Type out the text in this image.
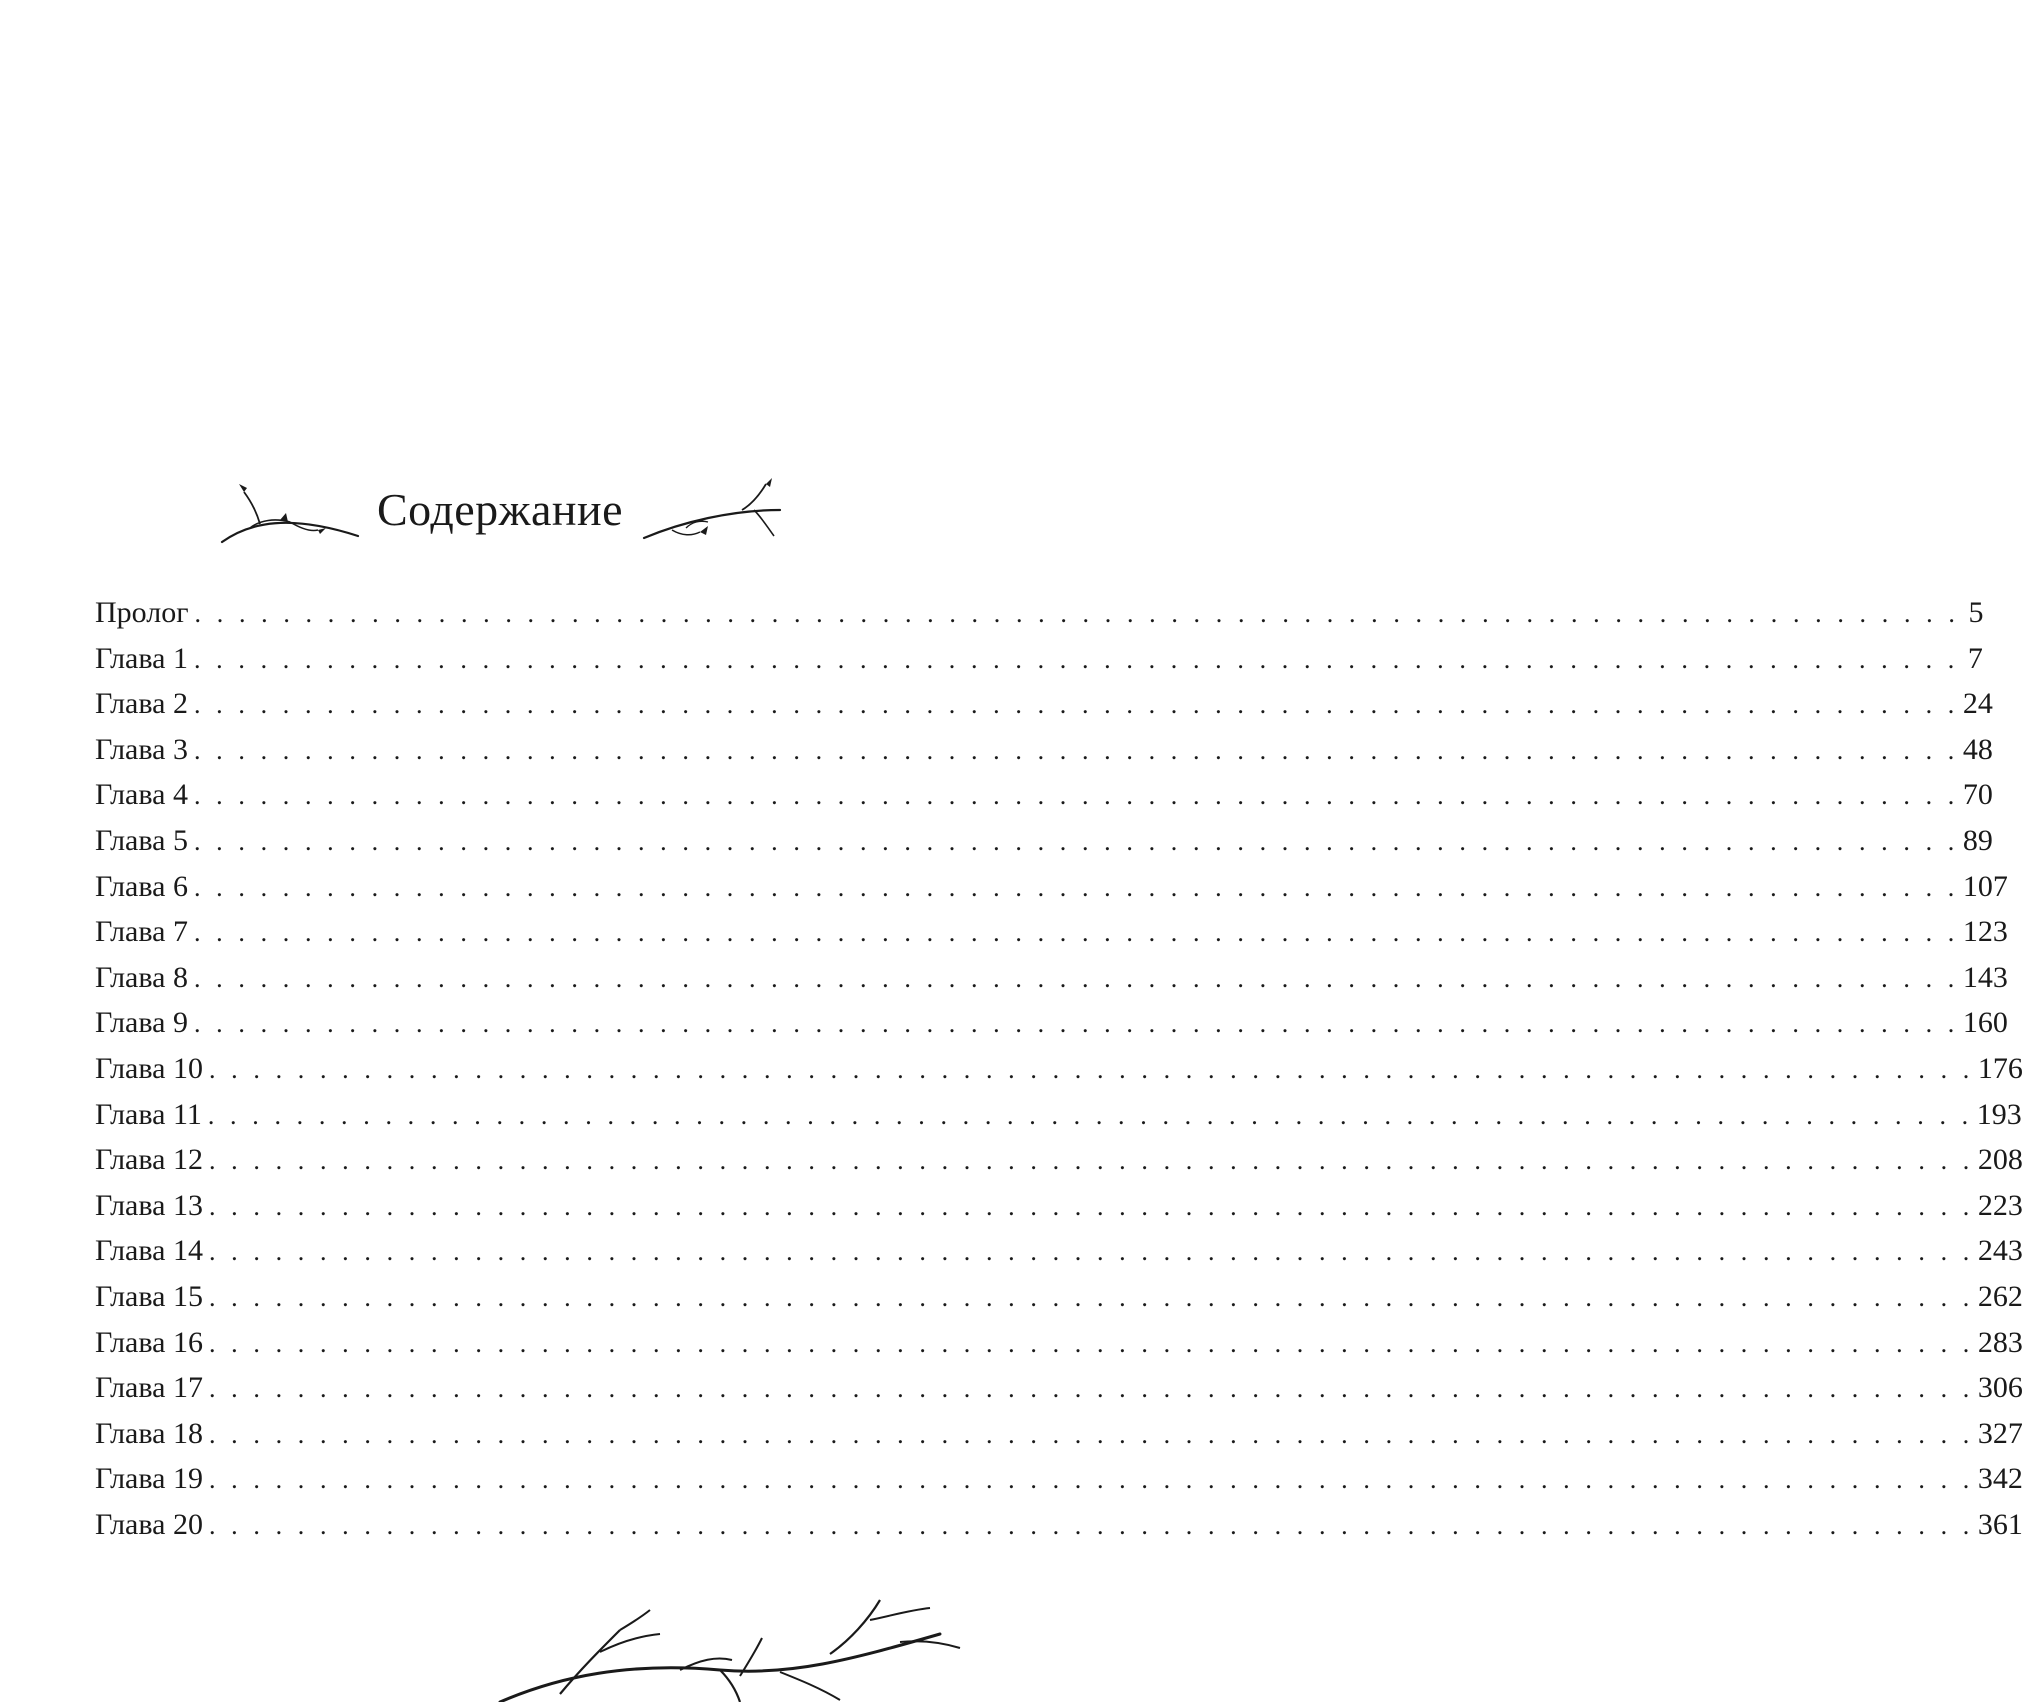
Содержание
Пролог . . . . . . . . . . . . . . . . . . . . . . . . . . . . . . . . . . . . . . . . . . . . . . . . . . . . . . . . . . . . . . . . . . . . . . . . . . . . . . . . 5
Глава 1 . . . . . . . . . . . . . . . . . . . . . . . . . . . . . . . . . . . . . . . . . . . . . . . . . . . . . . . . . . . . . . . . . . . . . . . . . . . . . . . . 7
Глава 2 . . . . . . . . . . . . . . . . . . . . . . . . . . . . . . . . . . . . . . . . . . . . . . . . . . . . . . . . . . . . . . . . . . . . . . . . . . . . . . . . 24
Глава 3 . . . . . . . . . . . . . . . . . . . . . . . . . . . . . . . . . . . . . . . . . . . . . . . . . . . . . . . . . . . . . . . . . . . . . . . . . . . . . . . . 48
Глава 4 . . . . . . . . . . . . . . . . . . . . . . . . . . . . . . . . . . . . . . . . . . . . . . . . . . . . . . . . . . . . . . . . . . . . . . . . . . . . . . . . 70
Глава 5 . . . . . . . . . . . . . . . . . . . . . . . . . . . . . . . . . . . . . . . . . . . . . . . . . . . . . . . . . . . . . . . . . . . . . . . . . . . . . . . . 89
Глава 6 . . . . . . . . . . . . . . . . . . . . . . . . . . . . . . . . . . . . . . . . . . . . . . . . . . . . . . . . . . . . . . . . . . . . . . . . . . . . . . . . 107
Глава 7 . . . . . . . . . . . . . . . . . . . . . . . . . . . . . . . . . . . . . . . . . . . . . . . . . . . . . . . . . . . . . . . . . . . . . . . . . . . . . . . . 123
Глава 8 . . . . . . . . . . . . . . . . . . . . . . . . . . . . . . . . . . . . . . . . . . . . . . . . . . . . . . . . . . . . . . . . . . . . . . . . . . . . . . . . 143
Глава 9 . . . . . . . . . . . . . . . . . . . . . . . . . . . . . . . . . . . . . . . . . . . . . . . . . . . . . . . . . . . . . . . . . . . . . . . . . . . . . . . . 160
Глава 10 . . . . . . . . . . . . . . . . . . . . . . . . . . . . . . . . . . . . . . . . . . . . . . . . . . . . . . . . . . . . . . . . . . . . . . . . . . . . . . . . 176
Глава 11 . . . . . . . . . . . . . . . . . . . . . . . . . . . . . . . . . . . . . . . . . . . . . . . . . . . . . . . . . . . . . . . . . . . . . . . . . . . . . . . . 193
Глава 12 . . . . . . . . . . . . . . . . . . . . . . . . . . . . . . . . . . . . . . . . . . . . . . . . . . . . . . . . . . . . . . . . . . . . . . . . . . . . . . . . 208
Глава 13 . . . . . . . . . . . . . . . . . . . . . . . . . . . . . . . . . . . . . . . . . . . . . . . . . . . . . . . . . . . . . . . . . . . . . . . . . . . . . . . . 223
Глава 14 . . . . . . . . . . . . . . . . . . . . . . . . . . . . . . . . . . . . . . . . . . . . . . . . . . . . . . . . . . . . . . . . . . . . . . . . . . . . . . . . 243
Глава 15 . . . . . . . . . . . . . . . . . . . . . . . . . . . . . . . . . . . . . . . . . . . . . . . . . . . . . . . . . . . . . . . . . . . . . . . . . . . . . . . . 262
Глава 16 . . . . . . . . . . . . . . . . . . . . . . . . . . . . . . . . . . . . . . . . . . . . . . . . . . . . . . . . . . . . . . . . . . . . . . . . . . . . . . . . 283
Глава 17 . . . . . . . . . . . . . . . . . . . . . . . . . . . . . . . . . . . . . . . . . . . . . . . . . . . . . . . . . . . . . . . . . . . . . . . . . . . . . . . . 306
Глава 18 . . . . . . . . . . . . . . . . . . . . . . . . . . . . . . . . . . . . . . . . . . . . . . . . . . . . . . . . . . . . . . . . . . . . . . . . . . . . . . . . 327
Глава 19 . . . . . . . . . . . . . . . . . . . . . . . . . . . . . . . . . . . . . . . . . . . . . . . . . . . . . . . . . . . . . . . . . . . . . . . . . . . . . . . . 342
Глава 20 . . . . . . . . . . . . . . . . . . . . . . . . . . . . . . . . . . . . . . . . . . . . . . . . . . . . . . . . . . . . . . . . . . . . . . . . . . . . . . . . 361
